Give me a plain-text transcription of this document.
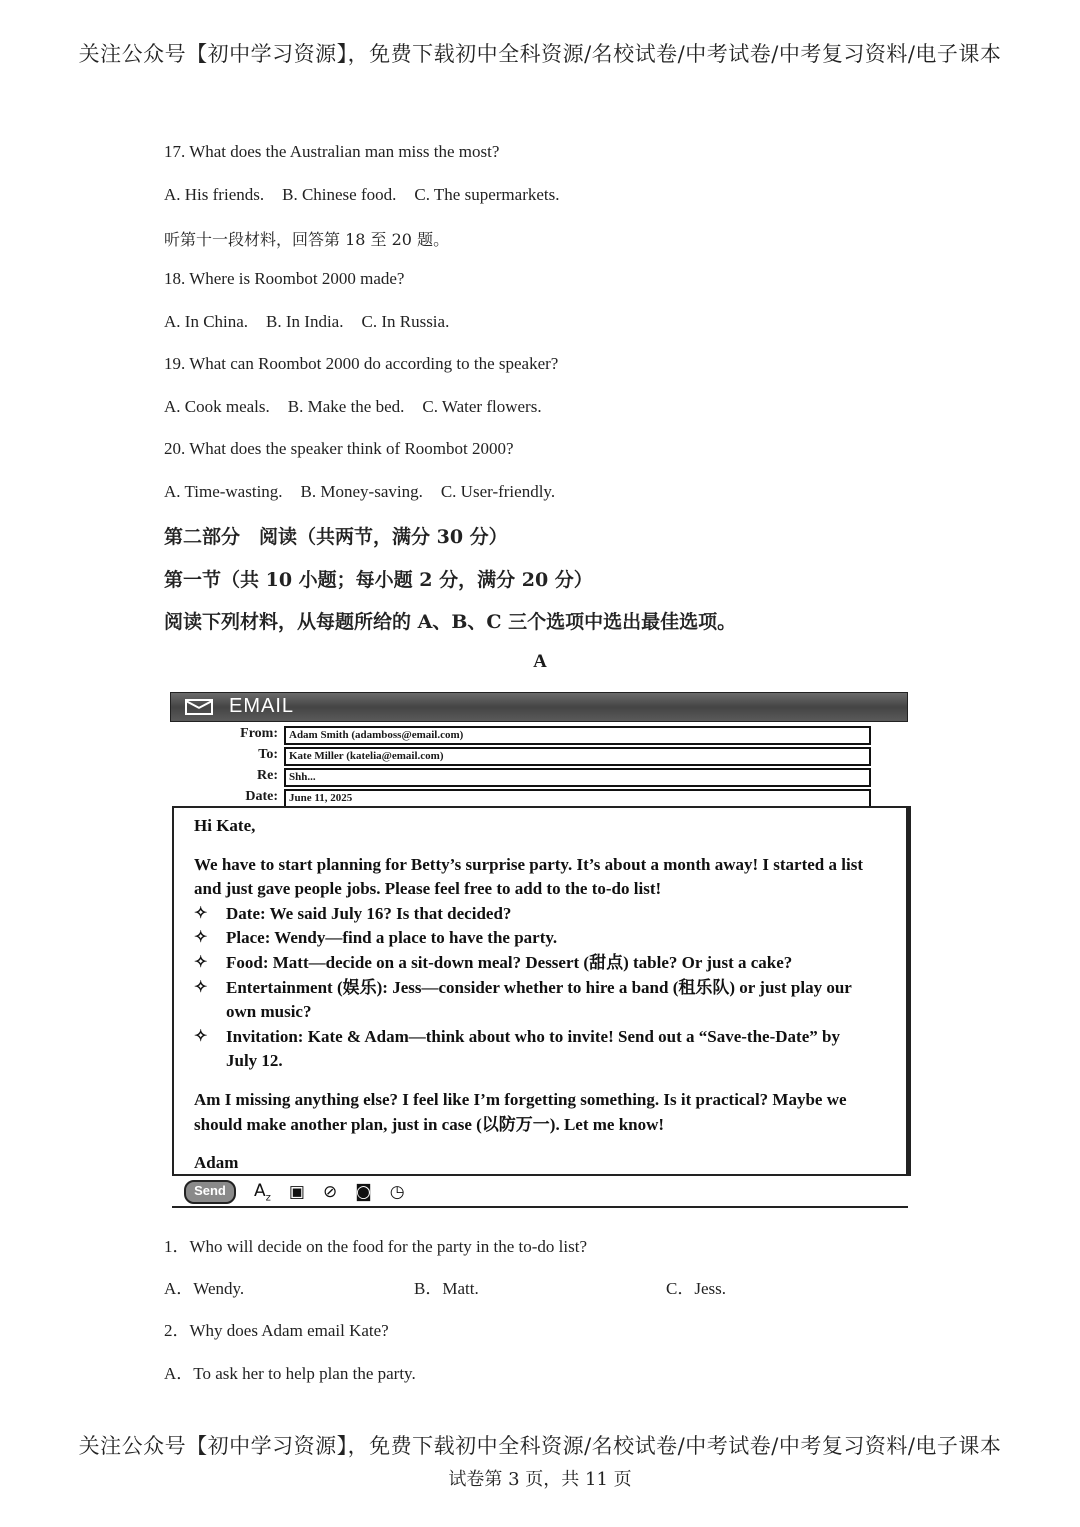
关注公众号【初中学习资源】，免费下载初中全科资源/名校试卷/中考试卷/中考复习资料/电子课本
17. What does the Australian man miss the most?
A. His friends. B. Chinese food. C. The supermarkets.
听第十一段材料，回答第 18 至 20 题。
18. Where is Roombot 2000 made?
A. In China. B. In India. C. In Russia.
19. What can Roombot 2000 do according to the speaker?
A. Cook meals. B. Make the bed. C. Water flowers.
20. What does the speaker think of Roombot 2000?
A. Time-wasting. B. Money-saving. C. User-friendly.
第二部分　阅读（共两节，满分 30 分）
第一节（共 10 小题；每小题 2 分，满分 20 分）
阅读下列材料，从每题所给的 A、B、C 三个选项中选出最佳选项。
A
EMAIL
From:	Adam Smith (adamboss@email.com)
To:	Kate Miller (katelia@email.com)
Re:	Shh...
Date:	June 11, 2025

Hi Kate,

We have to start planning for Betty’s surprise party. It’s about a month away! I started a list and just gave people jobs. Please feel free to add to the to-do list!

✧	Date: We said July 16? Is that decided?
✧	Place: Wendy—find a place to have the party.
✧	Food: Matt—decide on a sit-down meal? Dessert (甜点) table? Or just a cake?
✧	Entertainment (娱乐): Jess—consider whether to hire a band (租乐队) or just play our own music?
✧	Invitation: Kate & Adam—think about who to invite! Send out a “Save-the-Date” by July 12.

Am I missing anything else? I feel like I’m forgetting something. Is it practical? Maybe we should make another plan, just in case (以防万一). Let me know!

Adam

Send	$A_z$ ▣ ⊘ ◙ ◷
1．Who will decide on the food for the party in the to-do list?
A．Wendy.	B．Matt.	C．Jess.
2．Why does Adam email Kate?
A．To ask her to help plan the party.
关注公众号【初中学习资源】，免费下载初中全科资源/名校试卷/中考试卷/中考复习资料/电子课本
试卷第 3 页，共 11 页
